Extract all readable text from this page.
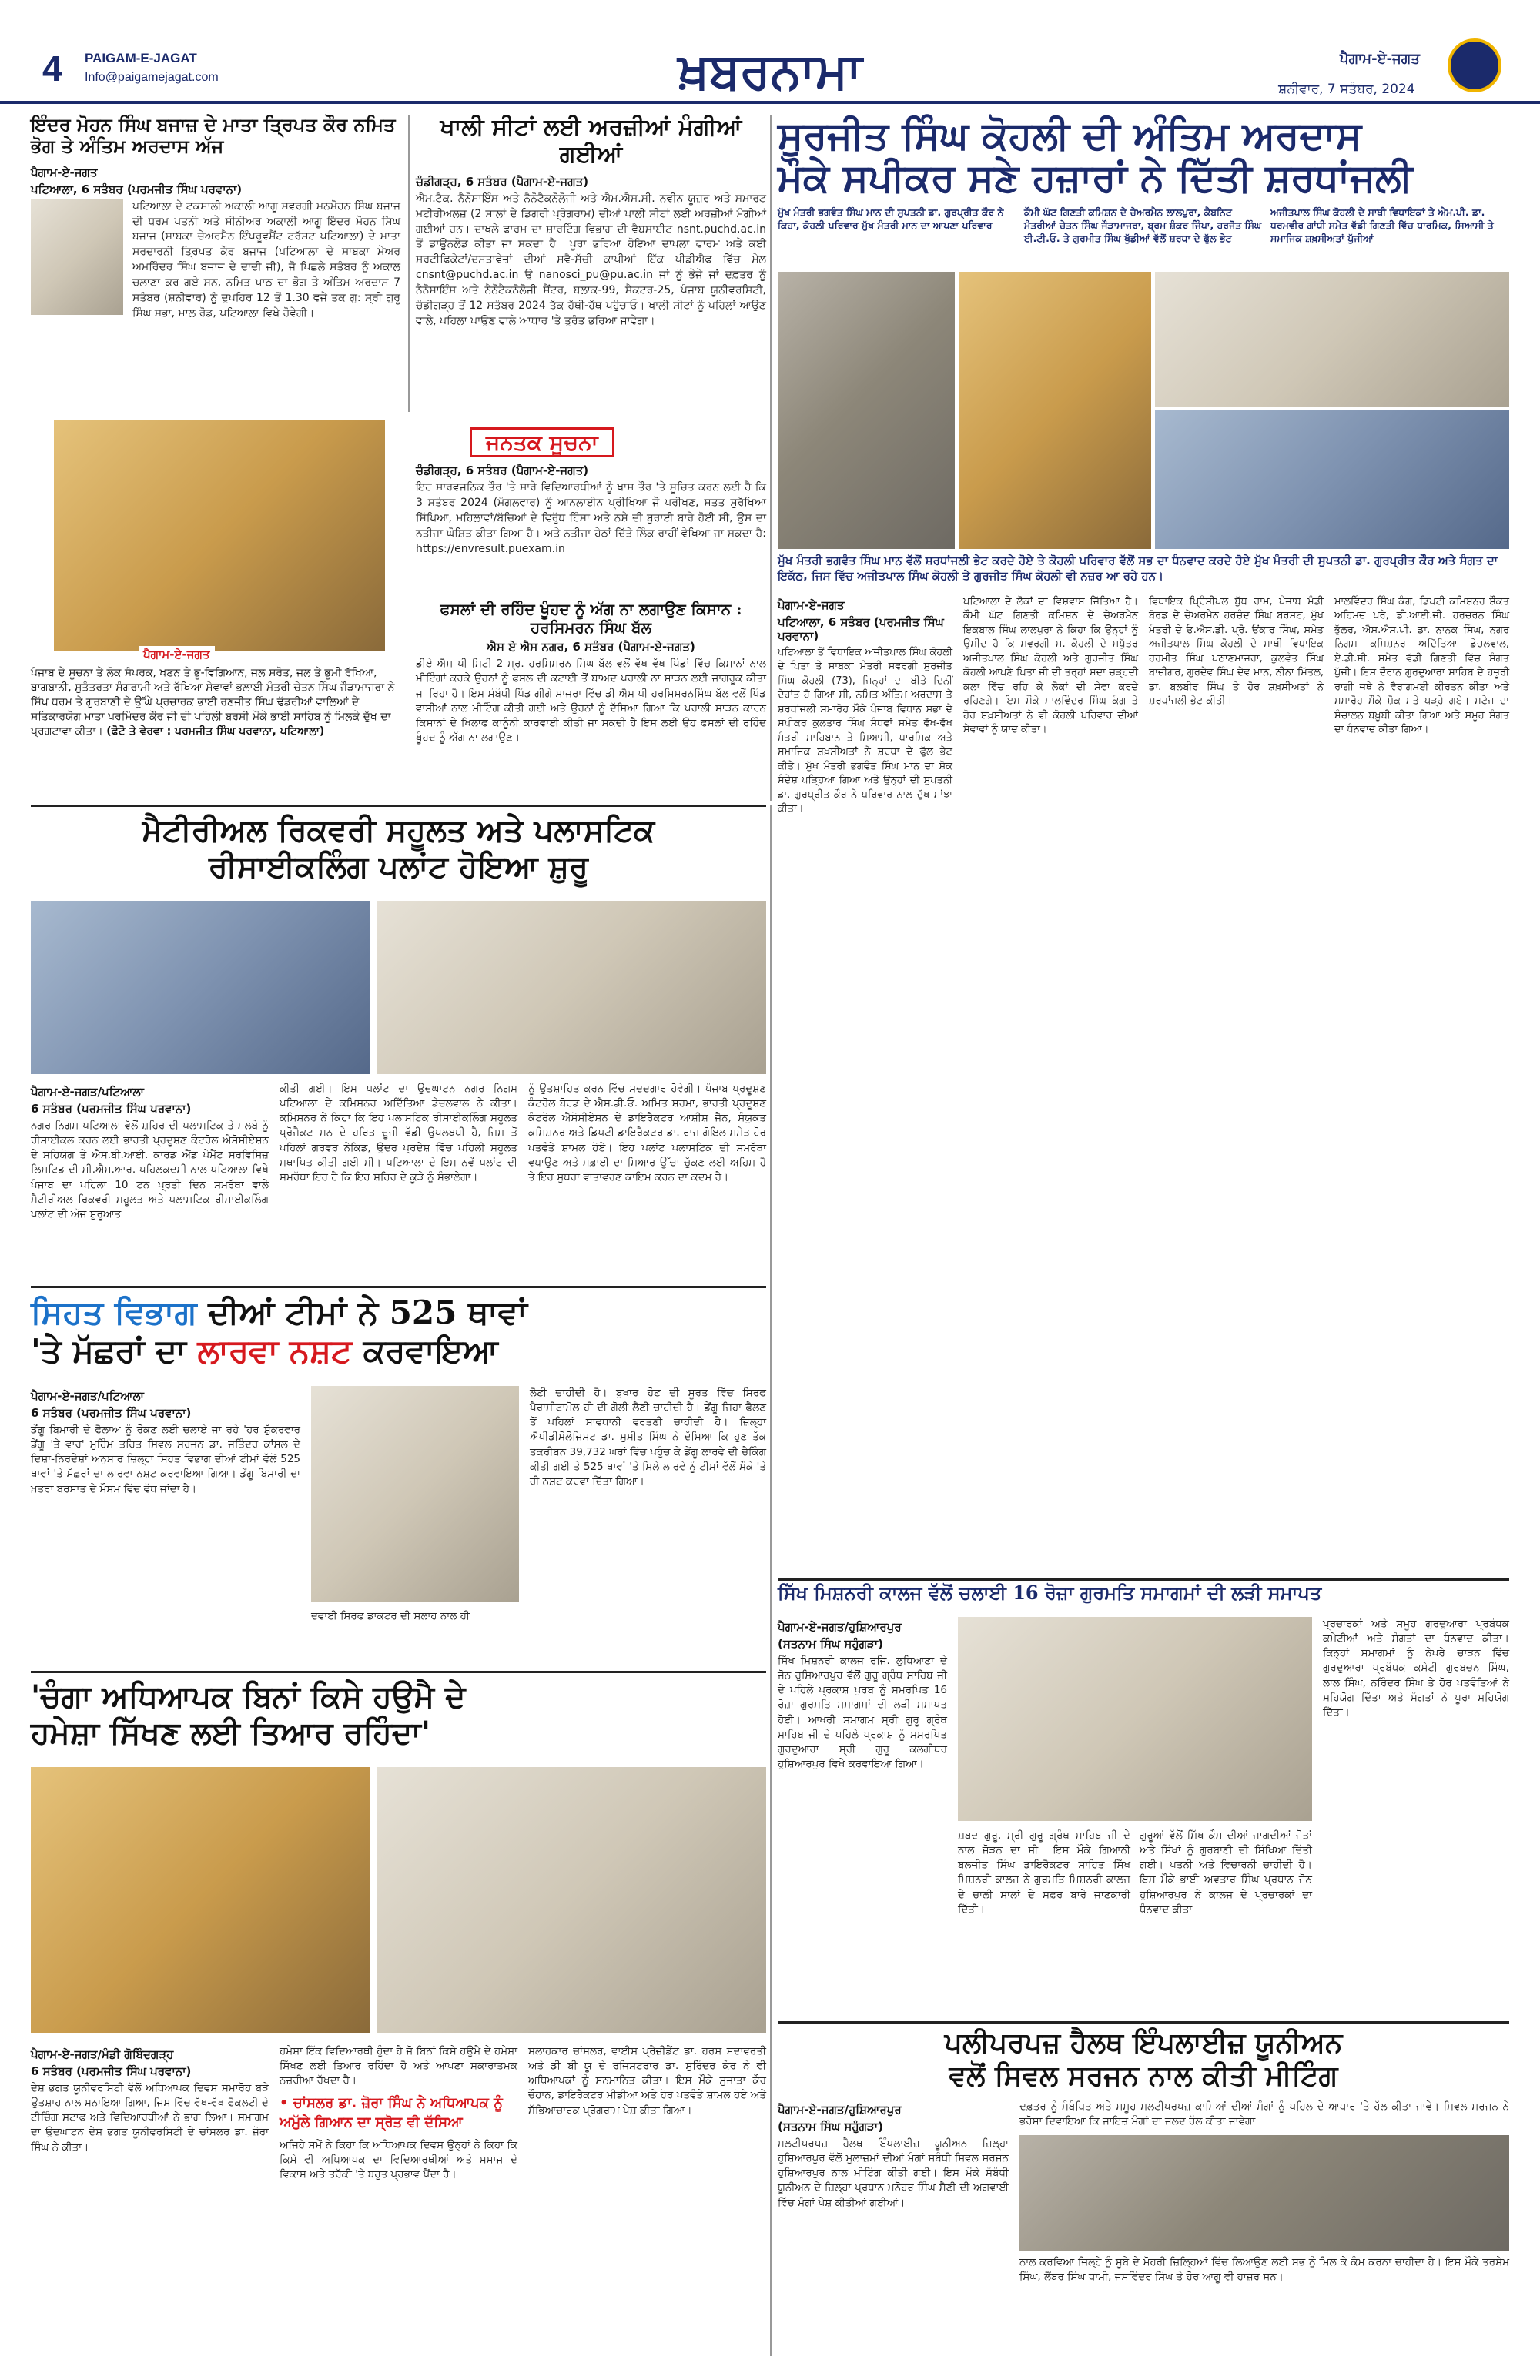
4 PAIGAM-E-JAGAT
Info@paigamejagat.com	ਖ਼ਬਰਨਾਮਾ	ਪੈਗਾਮ-ਏ-ਜਗਤ
ਸ਼ਨੀਵਾਰ, 7 ਸਤੰਬਰ, 2024
ਇੰਦਰ ਮੋਹਨ ਸਿੰਘ ਬਜਾਜ਼ ਦੇ ਮਾਤਾ ਤ੍ਰਿਪਤ ਕੌਰ ਨਮਿਤ ਭੋਗ ਤੇ ਅੰਤਿਮ ਅਰਦਾਸ ਅੱਜ
ਪੈਗਾਮ-ਏ-ਜਗਤ
ਪਟਿਆਲਾ, 6 ਸਤੰਬਰ (ਪਰਮਜੀਤ ਸਿੰਘ ਪਰਵਾਨਾ)
ਪਟਿਆਲਾ ਦੇ ਟਕਸਾਲੀ ਅਕਾਲੀ ਆਗੂ ਸਵਰਗੀ ਮਨਮੋਹਨ ਸਿੰਘ ਬਜਾਜ ਦੀ ਧਰਮ ਪਤਨੀ ਅਤੇ ਸੀਨੀਅਰ ਅਕਾਲੀ ਆਗੂ ਇੰਦਰ ਮੋਹਨ ਸਿੰਘ ਬਜਾਜ (ਸਾਬਕਾ ਚੇਅਰਮੈਨ ਇੰਪਰੂਵਮੈਂਟ ਟਰੱਸਟ ਪਟਿਆਲਾ) ਦੇ ਮਾਤਾ ਸਰਦਾਰਨੀ ਤ੍ਰਿਪਤ ਕੌਰ ਬਜਾਜ (ਪਟਿਆਲਾ ਦੇ ਸਾਬਕਾ ਮੇਅਰ ਅਮਰਿੰਦਰ ਸਿੰਘ ਬਜਾਜ ਦੇ ਦਾਦੀ ਜੀ), ਜੋ ਪਿਛਲੇ ਸਤੰਬਰ ਨੂੰ ਅਕਾਲ ਚਲਾਣਾ ਕਰ ਗਏ ਸਨ, ਨਮਿਤ ਪਾਠ ਦਾ ਭੋਗ ਤੇ ਅੰਤਿਮ ਅਰਦਾਸ 7 ਸਤੰਬਰ (ਸ਼ਨੀਵਾਰ) ਨੂੰ ਦੁਪਹਿਰ 12 ਤੋਂ 1.30 ਵਜੇ ਤਕ ਗੁ: ਸ੍ਰੀ ਗੁਰੂ ਸਿੰਘ ਸਭਾ, ਮਾਲ ਰੋਡ, ਪਟਿਆਲਾ ਵਿਖੇ ਹੋਵੇਗੀ।
ਪੈਗਾਮ-ਏ-ਜਗਤ
ਪੰਜਾਬ ਦੇ ਸੂਚਨਾ ਤੇ ਲੋਕ ਸੰਪਰਕ, ਖਣਨ ਤੇ ਭੂ-ਵਿਗਿਆਨ, ਜਲ ਸਰੋਤ, ਜਲ ਤੇ ਭੂਮੀ ਰੱਖਿਆ, ਬਾਗਬਾਨੀ, ਸੁਤੰਤਰਤਾ ਸੰਗਰਾਮੀ ਅਤੇ ਰੱਖਿਆ ਸੇਵਾਵਾਂ ਭਲਾਈ ਮੰਤਰੀ ਚੇਤਨ ਸਿੰਘ ਜੌੜਾਮਾਜਰਾ ਨੇ ਸਿੱਖ ਧਰਮ ਤੇ ਗੁਰਬਾਣੀ ਦੇ ਉੱਘੇ ਪ੍ਰਚਾਰਕ ਭਾਈ ਰਣਜੀਤ ਸਿੰਘ ਢੱਡਰੀਆਂ ਵਾਲਿਆਂ ਦੇ ਸਤਿਕਾਰਯੋਗ ਮਾਤਾ ਪਰਮਿੰਦਰ ਕੌਰ ਜੀ ਦੀ ਪਹਿਲੀ ਬਰਸੀ ਮੌਕੇ ਭਾਈ ਸਾਹਿਬ ਨੂੰ ਮਿਲਕੇ ਦੁੱਖ ਦਾ ਪ੍ਰਗਟਾਵਾ ਕੀਤਾ। (ਫੋਟੋ ਤੇ ਵੇਰਵਾ : ਪਰਮਜੀਤ ਸਿੰਘ ਪਰਵਾਨਾ, ਪਟਿਆਲਾ)
ਖਾਲੀ ਸੀਟਾਂ ਲਈ ਅਰਜ਼ੀਆਂ ਮੰਗੀਆਂ ਗਈਆਂ
ਚੰਡੀਗੜ੍ਹ, 6 ਸਤੰਬਰ (ਪੈਗਾਮ-ਏ-ਜਗਤ)
ਐਮ.ਟੈਕ. ਨੈਨੋਸਾਇੰਸ ਅਤੇ ਨੈਨੋਟੈਕਨੋਲੋਜੀ ਅਤੇ ਐਮ.ਐਸ.ਸੀ. ਨਵੀਨ ਯੂਜ਼ਰ ਅਤੇ ਸਮਾਰਟ ਮਟੀਰੀਅਲਜ਼ (2 ਸਾਲਾਂ ਦੇ ਡਿਗਰੀ ਪ੍ਰੋਗਰਾਮ) ਦੀਆਂ ਖਾਲੀ ਸੀਟਾਂ ਲਈ ਅਰਜ਼ੀਆਂ ਮੰਗੀਆਂ ਗਈਆਂ ਹਨ। ਦਾਖਲੇ ਫਾਰਮ ਦਾ ਸ਼ਾਰਟਿੰਗ ਵਿਭਾਗ ਦੀ ਵੈਬਸਾਈਟ nsnt.puchd.ac.in ਤੋਂ ਡਾਊਨਲੋਡ ਕੀਤਾ ਜਾ ਸਕਦਾ ਹੈ। ਪੂਰਾ ਭਰਿਆ ਹੋਇਆ ਦਾਖਲਾ ਫਾਰਮ ਅਤੇ ਕਈ ਸਰਟੀਫਿਕੇਟਾਂ/ਦਸਤਾਵੇਜ਼ਾਂ ਦੀਆਂ ਸਵੈ-ਸੱਚੀ ਕਾਪੀਆਂ ਇੱਕ ਪੀਡੀਐਫ ਵਿੱਚ ਮੇਲ cnsnt@puchd.ac.in ਉ nanosci_pu@pu.ac.in ਜਾਂ ਨੂੰ ਭੇਜੇ ਜਾਂ ਦਫ਼ਤਰ ਨੂੰ ਨੈਨੋਸਾਇੰਸ ਅਤੇ ਨੈਨੋਟੈਕਨੋਲੋਜੀ ਸੈਂਟਰ, ਬਲਾਕ-99, ਸੈਕਟਰ-25, ਪੰਜਾਬ ਯੂਨੀਵਰਸਿਟੀ, ਚੰਡੀਗੜ੍ਹ ਤੋਂ 12 ਸਤੰਬਰ 2024 ਤੱਕ ਹੱਥੀ-ਹੱਥ ਪਹੁੰਚਾਓ। ਖਾਲੀ ਸੀਟਾਂ ਨੂੰ ਪਹਿਲਾਂ ਆਉਣ ਵਾਲੇ, ਪਹਿਲਾ ਪਾਉਣ ਵਾਲੇ ਆਧਾਰ 'ਤੇ ਤੁਰੰਤ ਭਰਿਆ ਜਾਵੇਗਾ।
ਜਨਤਕ ਸੂਚਨਾ
ਚੰਡੀਗੜ੍ਹ, 6 ਸਤੰਬਰ (ਪੈਗਾਮ-ਏ-ਜਗਤ)
ਇਹ ਸਾਰਵਜਨਿਕ ਤੌਰ 'ਤੇ ਸਾਰੇ ਵਿਦਿਆਰਥੀਆਂ ਨੂੰ ਖਾਸ ਤੌਰ 'ਤੇ ਸੂਚਿਤ ਕਰਨ ਲਈ ਹੈ ਕਿ 3 ਸਤੰਬਰ 2024 (ਮੰਗਲਵਾਰ) ਨੂੰ ਆਨਲਾਈਨ ਪ੍ਰੀਖਿਆ ਜੋ ਪਰੀਖਣ, ਸਤਤ ਸੁਰੱਖਿਆ ਸਿੱਖਿਆ, ਮਹਿਲਾਵਾਂ/ਬੱਚਿਆਂ ਦੇ ਵਿਰੁੱਧ ਹਿੰਸਾ ਅਤੇ ਨਸ਼ੇ ਦੀ ਬੁਰਾਈ ਬਾਰੇ ਹੋਈ ਸੀ, ਉਸ ਦਾ ਨਤੀਜਾ ਘੋਸ਼ਿਤ ਕੀਤਾ ਗਿਆ ਹੈ। ਅਤੇ ਨਤੀਜਾ ਹੇਠਾਂ ਦਿੱਤੇ ਲਿੰਕ ਰਾਹੀਂ ਵੇਖਿਆ ਜਾ ਸਕਦਾ ਹੈ: https://envresult.puexam.in
ਫਸਲਾਂ ਦੀ ਰਹਿੰਦ ਖੂੰਹਦ ਨੂੰ ਅੱਗ ਨਾ ਲਗਾਉਣ ਕਿਸਾਨ : ਹਰਸਿਮਰਨ ਸਿੰਘ ਬੱਲ
ਐਸ ਏ ਐਸ ਨਗਰ, 6 ਸਤੰਬਰ (ਪੈਗਾਮ-ਏ-ਜਗਤ)
ਡੀਏ ਐਸ ਪੀ ਸਿਟੀ 2 ਸ੍ਰ. ਹਰਸਿਮਰਨ ਸਿੰਘ ਬੱਲ ਵਲੋਂ ਵੱਖ ਵੱਖ ਪਿੰਡਾਂ ਵਿੱਚ ਕਿਸਾਨਾਂ ਨਾਲ ਮੀਟਿੰਗਾਂ ਕਰਕੇ ਉਹਨਾਂ ਨੂੰ ਫਸਲ ਦੀ ਕਟਾਈ ਤੋਂ ਬਾਅਦ ਪਰਾਲੀ ਨਾ ਸਾੜਨ ਲਈ ਜਾਗਰੂਕ ਕੀਤਾ ਜਾ ਰਿਹਾ ਹੈ। ਇਸ ਸੰਬੰਧੀ ਪਿੰਡ ਗੀਗੇ ਮਾਜਰਾ ਵਿੱਚ ਡੀ ਐਸ ਪੀ ਹਰਸਿਮਰਨਸਿੰਘ ਬੱਲ ਵਲੋਂ ਪਿੰਡ ਵਾਸੀਆਂ ਨਾਲ ਮੀਟਿੰਗ ਕੀਤੀ ਗਈ ਅਤੇ ਉਹਨਾਂ ਨੂੰ ਦੱਸਿਆ ਗਿਆ ਕਿ ਪਰਾਲੀ ਸਾੜਨ ਕਾਰਨ ਕਿਸਾਨਾਂ ਦੇ ਖਿਲਾਫ ਕਾਨੂੰਨੀ ਕਾਰਵਾਈ ਕੀਤੀ ਜਾ ਸਕਦੀ ਹੈ ਇਸ ਲਈ ਉਹ ਫਸਲਾਂ ਦੀ ਰਹਿੰਦ ਖੂੰਹਦ ਨੂੰ ਅੱਗ ਨਾ ਲਗਾਉਣ।
ਸੁਰਜੀਤ ਸਿੰਘ ਕੋਹਲੀ ਦੀ ਅੰਤਿਮ ਅਰਦਾਸ
ਮੌਕੇ ਸਪੀਕਰ ਸਣੇ ਹਜ਼ਾਰਾਂ ਨੇ ਦਿੱਤੀ ਸ਼ਰਧਾਂਜਲੀ
ਮੁੱਖ ਮੰਤਰੀ ਭਗਵੰਤ ਸਿੰਘ ਮਾਨ ਦੀ ਸੁਪਤਨੀ ਡਾ. ਗੁਰਪ੍ਰੀਤ ਕੌਰ ਨੇ ਕਿਹਾ, ਕੋਹਲੀ ਪਰਿਵਾਰ ਮੁੱਖ ਮੰਤਰੀ ਮਾਨ ਦਾ ਆਪਣਾ ਪਰਿਵਾਰ
ਕੌਮੀ ਘੱਟ ਗਿਣਤੀ ਕਮਿਸ਼ਨ ਦੇ ਚੇਅਰਮੈਨ ਲਾਲਪੁਰਾ, ਕੈਬਨਿਟ ਮੰਤਰੀਆਂ ਚੇਤਨ ਸਿੰਘ ਜੌੜਾਮਾਜਰਾ, ਬ੍ਰਮ ਸ਼ੰਕਰ ਜਿੰਪਾ, ਹਰਜੋਤ ਸਿੰਘ ਈ.ਟੀ.ਓ. ਤੇ ਗੁਰਮੀਤ ਸਿੰਘ ਖੁੱਡੀਆਂ ਵੱਲੋਂ ਸ਼ਰਧਾ ਦੇ ਫੁੱਲ ਭੇਟ
ਅਜੀਤਪਾਲ ਸਿੰਘ ਕੋਹਲੀ ਦੇ ਸਾਥੀ ਵਿਧਾਇਕਾਂ ਤੇ ਐਮ.ਪੀ. ਡਾ. ਧਰਮਵੀਰ ਗਾਂਧੀ ਸਮੇਤ ਵੱਡੀ ਗਿਣਤੀ ਵਿੱਚ ਧਾਰਮਿਕ, ਸਿਆਸੀ ਤੇ ਸਮਾਜਿਕ ਸ਼ਖ਼ਸੀਅਤਾਂ ਪੁੱਜੀਆਂ
ਮੁੱਖ ਮੰਤਰੀ ਭਗਵੰਤ ਸਿੰਘ ਮਾਨ ਵੱਲੋਂ ਸ਼ਰਧਾਂਜਲੀ ਭੇਟ ਕਰਦੇ ਹੋਏ ਤੇ ਕੋਹਲੀ ਪਰਿਵਾਰ ਵੱਲੋਂ ਸਭ ਦਾ ਧੰਨਵਾਦ ਕਰਦੇ ਹੋਏ ਮੁੱਖ ਮੰਤਰੀ ਦੀ ਸੁਪਤਨੀ ਡਾ. ਗੁਰਪ੍ਰੀਤ ਕੌਰ ਅਤੇ ਸੰਗਤ ਦਾ ਇਕੱਠ, ਜਿਸ ਵਿੱਚ ਅਜੀਤਪਾਲ ਸਿੰਘ ਕੋਹਲੀ ਤੇ ਗੁਰਜੀਤ ਸਿੰਘ ਕੋਹਲੀ ਵੀ ਨਜ਼ਰ ਆ ਰਹੇ ਹਨ।
ਪੈਗਾਮ-ਏ-ਜਗਤ
ਪਟਿਆਲਾ, 6 ਸਤੰਬਰ (ਪਰਮਜੀਤ ਸਿੰਘ ਪਰਵਾਨਾ)
ਪਟਿਆਲਾ ਤੋਂ ਵਿਧਾਇਕ ਅਜੀਤਪਾਲ ਸਿੰਘ ਕੋਹਲੀ ਦੇ ਪਿਤਾ ਤੇ ਸਾਬਕਾ ਮੰਤਰੀ ਸਵਰਗੀ ਸੁਰਜੀਤ ਸਿੰਘ ਕੋਹਲੀ (73), ਜਿਨ੍ਹਾਂ ਦਾ ਬੀਤੇ ਦਿਨੀਂ ਦੇਹਾਂਤ ਹੋ ਗਿਆ ਸੀ, ਨਮਿਤ ਅੰਤਿਮ ਅਰਦਾਸ ਤੇ ਸ਼ਰਧਾਂਜਲੀ ਸਮਾਰੋਹ ਮੌਕੇ ਪੰਜਾਬ ਵਿਧਾਨ ਸਭਾ ਦੇ ਸਪੀਕਰ ਕੁਲਤਾਰ ਸਿੰਘ ਸੰਧਵਾਂ ਸਮੇਤ ਵੱਖ-ਵੱਖ ਮੰਤਰੀ ਸਾਹਿਬਾਨ ਤੇ ਸਿਆਸੀ, ਧਾਰਮਿਕ ਅਤੇ ਸਮਾਜਿਕ ਸ਼ਖ਼ਸੀਅਤਾਂ ਨੇ ਸ਼ਰਧਾ ਦੇ ਫੁੱਲ ਭੇਟ ਕੀਤੇ। ਮੁੱਖ ਮੰਤਰੀ ਭਗਵੰਤ ਸਿੰਘ ਮਾਨ ਦਾ ਸ਼ੋਕ ਸੰਦੇਸ਼ ਪੜ੍ਹਿਆ ਗਿਆ ਅਤੇ ਉਨ੍ਹਾਂ ਦੀ ਸੁਪਤਨੀ ਡਾ. ਗੁਰਪ੍ਰੀਤ ਕੌਰ ਨੇ ਪਰਿਵਾਰ ਨਾਲ ਦੁੱਖ ਸਾਂਝਾ ਕੀਤਾ।
ਪਟਿਆਲਾ ਦੇ ਲੋਕਾਂ ਦਾ ਵਿਸ਼ਵਾਸ ਜਿੱਤਿਆ ਹੈ। ਕੌਮੀ ਘੱਟ ਗਿਣਤੀ ਕਮਿਸ਼ਨ ਦੇ ਚੇਅਰਮੈਨ ਇਕਬਾਲ ਸਿੰਘ ਲਾਲਪੁਰਾ ਨੇ ਕਿਹਾ ਕਿ ਉਨ੍ਹਾਂ ਨੂੰ ਉਮੀਦ ਹੈ ਕਿ ਸਵਰਗੀ ਸ. ਕੋਹਲੀ ਦੇ ਸਪੁੱਤਰ ਅਜੀਤਪਾਲ ਸਿੰਘ ਕੋਹਲੀ ਅਤੇ ਗੁਰਜੀਤ ਸਿੰਘ ਕੋਹਲੀ ਆਪਣੇ ਪਿਤਾ ਜੀ ਦੀ ਤਰ੍ਹਾਂ ਸਦਾ ਚੜ੍ਹਦੀ ਕਲਾ ਵਿੱਚ ਰਹਿ ਕੇ ਲੋਕਾਂ ਦੀ ਸੇਵਾ ਕਰਦੇ ਰਹਿਣਗੇ। ਇਸ ਮੌਕੇ ਮਾਲਵਿੰਦਰ ਸਿੰਘ ਕੰਗ ਤੇ ਹੋਰ ਸ਼ਖ਼ਸੀਅਤਾਂ ਨੇ ਵੀ ਕੋਹਲੀ ਪਰਿਵਾਰ ਦੀਆਂ ਸੇਵਾਵਾਂ ਨੂੰ ਯਾਦ ਕੀਤਾ।
ਵਿਧਾਇਕ ਪ੍ਰਿੰਸੀਪਲ ਬੁੱਧ ਰਾਮ, ਪੰਜਾਬ ਮੰਡੀ ਬੋਰਡ ਦੇ ਚੇਅਰਮੈਨ ਹਰਚੰਦ ਸਿੰਘ ਬਰਸਟ, ਮੁੱਖ ਮੰਤਰੀ ਦੇ ਓ.ਐਸ.ਡੀ. ਪ੍ਰੋ. ਓਂਕਾਰ ਸਿੰਘ, ਸਮੇਤ ਅਜੀਤਪਾਲ ਸਿੰਘ ਕੋਹਲੀ ਦੇ ਸਾਥੀ ਵਿਧਾਇਕ ਹਰਮੀਤ ਸਿੰਘ ਪਠਾਣਮਾਜਰਾ, ਕੁਲਵੰਤ ਸਿੰਘ ਬਾਜ਼ੀਗਰ, ਗੁਰਦੇਵ ਸਿੰਘ ਦੇਵ ਮਾਨ, ਨੀਨਾ ਮਿੱਤਲ, ਡਾ. ਬਲਬੀਰ ਸਿੰਘ ਤੇ ਹੋਰ ਸ਼ਖ਼ਸੀਅਤਾਂ ਨੇ ਸ਼ਰਧਾਂਜਲੀ ਭੇਟ ਕੀਤੀ।
ਮਾਲਵਿੰਦਰ ਸਿੰਘ ਕੰਗ, ਡਿਪਟੀ ਕਮਿਸ਼ਨਰ ਸ਼ੌਕਤ ਅਹਿਮਦ ਪਰੇ, ਡੀ.ਆਈ.ਜੀ. ਹਰਚਰਨ ਸਿੰਘ ਭੁੱਲਰ, ਐਸ.ਐਸ.ਪੀ. ਡਾ. ਨਾਨਕ ਸਿੰਘ, ਨਗਰ ਨਿਗਮ ਕਮਿਸ਼ਨਰ ਅਦਿੱਤਿਆ ਡੇਚਲਵਾਲ, ਏ.ਡੀ.ਸੀ. ਸਮੇਤ ਵੱਡੀ ਗਿਣਤੀ ਵਿੱਚ ਸੰਗਤ ਪੁੱਜੀ। ਇਸ ਦੌਰਾਨ ਗੁਰਦੁਆਰਾ ਸਾਹਿਬ ਦੇ ਹਜ਼ੂਰੀ ਰਾਗੀ ਜਥੇ ਨੇ ਵੈਰਾਗਮਈ ਕੀਰਤਨ ਕੀਤਾ ਅਤੇ ਸਮਾਰੋਹ ਮੌਕੇ ਸ਼ੋਕ ਮਤੇ ਪੜ੍ਹੇ ਗਏ। ਸਟੇਜ ਦਾ ਸੰਚਾਲਨ ਬਖ਼ੂਬੀ ਕੀਤਾ ਗਿਆ ਅਤੇ ਸਮੂਹ ਸੰਗਤ ਦਾ ਧੰਨਵਾਦ ਕੀਤਾ ਗਿਆ।
ਮੈਟੀਰੀਅਲ ਰਿਕਵਰੀ ਸਹੂਲਤ ਅਤੇ ਪਲਾਸਟਿਕ
ਰੀਸਾਈਕਲਿੰਗ ਪਲਾਂਟ ਹੋਇਆ ਸ਼ੁਰੂ
ਪੈਗਾਮ-ਏ-ਜਗਤ/ਪਟਿਆਲਾ
6 ਸਤੰਬਰ (ਪਰਮਜੀਤ ਸਿੰਘ ਪਰਵਾਨਾ)
ਨਗਰ ਨਿਗਮ ਪਟਿਆਲਾ ਵੱਲੋਂ ਸ਼ਹਿਰ ਦੀ ਪਲਾਸਟਿਕ ਤੇ ਮਲਬੇ ਨੂੰ ਰੀਸਾਈਕਲ ਕਰਨ ਲਈ ਭਾਰਤੀ ਪ੍ਰਦੂਸ਼ਣ ਕੰਟਰੋਲ ਐਸੋਸੀਏਸ਼ਨ ਦੇ ਸਹਿਯੋਗ ਤੇ ਐਸ.ਬੀ.ਆਈ. ਕਾਰਡ ਐਂਡ ਪੇਮੈਂਟ ਸਰਵਿਸਿਜ਼ ਲਿਮਟਿਡ ਦੀ ਸੀ.ਐਸ.ਆਰ. ਪਹਿਲਕਦਮੀ ਨਾਲ ਪਟਿਆਲਾ ਵਿਖੇ ਪੰਜਾਬ ਦਾ ਪਹਿਲਾ 10 ਟਨ ਪ੍ਰਤੀ ਦਿਨ ਸਮਰੱਥਾ ਵਾਲੇ ਮੈਟੀਰੀਅਲ ਰਿਕਵਰੀ ਸਹੂਲਤ ਅਤੇ ਪਲਾਸਟਿਕ ਰੀਸਾਈਕਲਿੰਗ ਪਲਾਂਟ ਦੀ ਅੱਜ ਸ਼ੁਰੂਆਤ
ਕੀਤੀ ਗਈ। ਇਸ ਪਲਾਂਟ ਦਾ ਉਦਘਾਟਨ ਨਗਰ ਨਿਗਮ ਪਟਿਆਲਾ ਦੇ ਕਮਿਸ਼ਨਰ ਅਦਿੱਤਿਆ ਡੇਚਲਵਾਲ ਨੇ ਕੀਤਾ। ਕਮਿਸ਼ਨਰ ਨੇ ਕਿਹਾ ਕਿ ਇਹ ਪਲਾਸਟਿਕ ਰੀਸਾਈਕਲਿੰਗ ਸਹੂਲਤ ਪ੍ਰੋਜੈਕਟ ਮਨ ਦੇ ਹਰਿਤ ਦੂਜੀ ਵੱਡੀ ਉਪਲਬਧੀ ਹੈ, ਜਿਸ ਤੋਂ ਪਹਿਲਾਂ ਗਰਵਰ ਨੇਕਿਡ, ਉਦਰ ਪ੍ਰਦੇਸ਼ ਵਿੱਚ ਪਹਿਲੀ ਸਹੂਲਤ ਸਥਾਪਿਤ ਕੀਤੀ ਗਈ ਸੀ। ਪਟਿਆਲਾ ਦੇ ਇਸ ਨਵੇਂ ਪਲਾਂਟ ਦੀ ਸਮਰੱਥਾ ਇਹ ਹੈ ਕਿ ਇਹ ਸ਼ਹਿਰ ਦੇ ਕੂੜੇ ਨੂੰ ਸੰਭਾਲੇਗਾ।
ਨੂੰ ਉਤਸ਼ਾਹਿਤ ਕਰਨ ਵਿੱਚ ਮਦਦਗਾਰ ਹੋਵੇਗੀ। ਪੰਜਾਬ ਪ੍ਰਦੂਸ਼ਣ ਕੰਟਰੋਲ ਬੋਰਡ ਦੇ ਐਸ.ਡੀ.ਓ. ਅਮਿਤ ਸ਼ਰਮਾ, ਭਾਰਤੀ ਪ੍ਰਦੂਸ਼ਣ ਕੰਟਰੋਲ ਐਸੋਸੀਏਸ਼ਨ ਦੇ ਡਾਇਰੈਕਟਰ ਆਸ਼ੀਸ਼ ਜੈਨ, ਸੰਯੁਕਤ ਕਮਿਸ਼ਨਰ ਅਤੇ ਡਿਪਟੀ ਡਾਇਰੈਕਟਰ ਡਾ. ਰਾਜ ਗੋਇਲ ਸਮੇਤ ਹੋਰ ਪਤਵੰਤੇ ਸ਼ਾਮਲ ਹੋਏ। ਇਹ ਪਲਾਂਟ ਪਲਾਸਟਿਕ ਦੀ ਸਮਰੱਥਾ ਵਧਾਉਣ ਅਤੇ ਸਫ਼ਾਈ ਦਾ ਮਿਆਰ ਉੱਚਾ ਚੁੱਕਣ ਲਈ ਅਹਿਮ ਹੈ ਤੇ ਇਹ ਸੁਥਰਾ ਵਾਤਾਵਰਣ ਕਾਇਮ ਕਰਨ ਦਾ ਕਦਮ ਹੈ।
ਸਿਹਤ ਵਿਭਾਗ ਦੀਆਂ ਟੀਮਾਂ ਨੇ 525 ਥਾਵਾਂ
'ਤੇ ਮੱਛਰਾਂ ਦਾ ਲਾਰਵਾ ਨਸ਼ਟ ਕਰਵਾਇਆ
ਪੈਗਾਮ-ਏ-ਜਗਤ/ਪਟਿਆਲਾ
6 ਸਤੰਬਰ (ਪਰਮਜੀਤ ਸਿੰਘ ਪਰਵਾਨਾ)
ਡੇਂਗੂ ਬਿਮਾਰੀ ਦੇ ਫੈਲਾਅ ਨੂੰ ਰੋਕਣ ਲਈ ਚਲਾਏ ਜਾ ਰਹੇ 'ਹਰ ਸ਼ੁੱਕਰਵਾਰ ਡੇਂਗੂ 'ਤੇ ਵਾਰ' ਮੁਹਿੰਮ ਤਹਿਤ ਸਿਵਲ ਸਰਜਨ ਡਾ. ਜਤਿੰਦਰ ਕਾਂਸਲ ਦੇ ਦਿਸ਼ਾ-ਨਿਰਦੇਸ਼ਾਂ ਅਨੁਸਾਰ ਜ਼ਿਲ੍ਹਾ ਸਿਹਤ ਵਿਭਾਗ ਦੀਆਂ ਟੀਮਾਂ ਵੱਲੋਂ 525 ਥਾਵਾਂ 'ਤੇ ਮੱਛਰਾਂ ਦਾ ਲਾਰਵਾ ਨਸ਼ਟ ਕਰਵਾਇਆ ਗਿਆ। ਡੇਂਗੂ ਬਿਮਾਰੀ ਦਾ ਖ਼ਤਰਾ ਬਰਸਾਤ ਦੇ ਮੌਸਮ ਵਿੱਚ ਵੱਧ ਜਾਂਦਾ ਹੈ।
ਦਵਾਈ ਸਿਰਫ ਡਾਕਟਰ ਦੀ ਸਲਾਹ ਨਾਲ ਹੀ
ਲੈਣੀ ਚਾਹੀਦੀ ਹੈ। ਬੁਖਾਰ ਹੋਣ ਦੀ ਸੂਰਤ ਵਿੱਚ ਸਿਰਫ ਪੈਰਾਸੀਟਾਮੋਲ ਹੀ ਦੀ ਗੋਲੀ ਲੈਣੀ ਚਾਹੀਦੀ ਹੈ। ਡੇਂਗੂ ਜਿਹਾ ਫੈਲਣ ਤੋਂ ਪਹਿਲਾਂ ਸਾਵਧਾਨੀ ਵਰਤਣੀ ਚਾਹੀਦੀ ਹੈ। ਜ਼ਿਲ੍ਹਾ ਐਪੀਡੀਮੋਲੋਜਿਸਟ ਡਾ. ਸੁਮੀਤ ਸਿੰਘ ਨੇ ਦੱਸਿਆ ਕਿ ਹੁਣ ਤੱਕ ਤਕਰੀਬਨ 39,732 ਘਰਾਂ ਵਿੱਚ ਪਹੁੰਚ ਕੇ ਡੇਂਗੂ ਲਾਰਵੇ ਦੀ ਚੈਕਿੰਗ ਕੀਤੀ ਗਈ ਤੇ 525 ਥਾਵਾਂ 'ਤੇ ਮਿਲੇ ਲਾਰਵੇ ਨੂੰ ਟੀਮਾਂ ਵੱਲੋਂ ਮੌਕੇ 'ਤੇ ਹੀ ਨਸ਼ਟ ਕਰਵਾ ਦਿੱਤਾ ਗਿਆ।
'ਚੰਗਾ ਅਧਿਆਪਕ ਬਿਨਾਂ ਕਿਸੇ ਹਉਮੈ ਦੇ
ਹਮੇਸ਼ਾ ਸਿੱਖਣ ਲਈ ਤਿਆਰ ਰਹਿੰਦਾ'
ਪੈਗਾਮ-ਏ-ਜਗਤ/ਮੰਡੀ ਗੋਬਿੰਦਗੜ੍ਹ
6 ਸਤੰਬਰ (ਪਰਮਜੀਤ ਸਿੰਘ ਪਰਵਾਨਾ)
ਦੇਸ਼ ਭਗਤ ਯੂਨੀਵਰਸਿਟੀ ਵੱਲੋਂ ਅਧਿਆਪਕ ਦਿਵਸ ਸਮਾਰੋਹ ਬੜੇ ਉਤਸ਼ਾਹ ਨਾਲ ਮਨਾਇਆ ਗਿਆ, ਜਿਸ ਵਿੱਚ ਵੱਖ-ਵੱਖ ਫੈਕਲਟੀ ਦੇ ਟੀਚਿੰਗ ਸਟਾਫ ਅਤੇ ਵਿਦਿਆਰਥੀਆਂ ਨੇ ਭਾਗ ਲਿਆ। ਸਮਾਗਮ ਦਾ ਉਦਘਾਟਨ ਦੇਸ਼ ਭਗਤ ਯੂਨੀਵਰਸਿਟੀ ਦੇ ਚਾਂਸਲਰ ਡਾ. ਜ਼ੋਰਾ ਸਿੰਘ ਨੇ ਕੀਤਾ।
ਹਮੇਸ਼ਾ ਇੱਕ ਵਿਦਿਆਰਥੀ ਹੁੰਦਾ ਹੈ ਜੋ ਬਿਨਾਂ ਕਿਸੇ ਹਉਮੈ ਦੇ ਹਮੇਸ਼ਾ ਸਿੱਖਣ ਲਈ ਤਿਆਰ ਰਹਿੰਦਾ ਹੈ ਅਤੇ ਆਪਣਾ ਸਕਾਰਾਤਮਕ ਨਜ਼ਰੀਆ ਰੱਖਦਾ ਹੈ।
• ਚਾਂਸਲਰ ਡਾ. ਜ਼ੋਰਾ ਸਿੰਘ ਨੇ ਅਧਿਆਪਕ ਨੂੰ ਅਮੁੱਲੇ ਗਿਆਨ ਦਾ ਸ੍ਰੋਤ ਵੀ ਦੱਸਿਆ
ਅਜਿਹੇ ਸਮੇਂ ਨੇ ਕਿਹਾ ਕਿ ਅਧਿਆਪਕ ਦਿਵਸ ਉਨ੍ਹਾਂ ਨੇ ਕਿਹਾ ਕਿ ਕਿਸੇ ਵੀ ਅਧਿਆਪਕ ਦਾ ਵਿਦਿਆਰਥੀਆਂ ਅਤੇ ਸਮਾਜ ਦੇ ਵਿਕਾਸ ਅਤੇ ਤਰੱਕੀ 'ਤੇ ਬਹੁਤ ਪ੍ਰਭਾਵ ਪੈਂਦਾ ਹੈ।
ਸਲਾਹਕਾਰ ਚਾਂਸਲਰ, ਵਾਈਸ ਪ੍ਰੈਜ਼ੀਡੈਂਟ ਡਾ. ਹਰਸ਼ ਸਦਾਵਰਤੀ ਅਤੇ ਡੀ ਬੀ ਯੂ ਦੇ ਰਜਿਸਟਰਾਰ ਡਾ. ਸੁਰਿੰਦਰ ਕੌਰ ਨੇ ਵੀ ਅਧਿਆਪਕਾਂ ਨੂੰ ਸਨਮਾਨਿਤ ਕੀਤਾ। ਇਸ ਮੌਕੇ ਸੁਜਾਤਾ ਕੌਰ ਚੌਹਾਨ, ਡਾਇਰੈਕਟਰ ਮੀਡੀਆ ਅਤੇ ਹੋਰ ਪਤਵੰਤੇ ਸ਼ਾਮਲ ਹੋਏ ਅਤੇ ਸੱਭਿਆਚਾਰਕ ਪ੍ਰੋਗਰਾਮ ਪੇਸ਼ ਕੀਤਾ ਗਿਆ।
ਸਿੱਖ ਮਿਸ਼ਨਰੀ ਕਾਲਜ ਵੱਲੋਂ ਚਲਾਈ 16 ਰੋਜ਼ਾ ਗੁਰਮਤਿ ਸਮਾਗਮਾਂ ਦੀ ਲੜੀ ਸਮਾਪਤ
ਪੈਗਾਮ-ਏ-ਜਗਤ/ਹੁਸ਼ਿਆਰਪੁਰ
(ਸਤਨਾਮ ਸਿੰਘ ਸਹੁੰਗੜਾ)
ਸਿੱਖ ਮਿਸ਼ਨਰੀ ਕਾਲਜ ਰਜਿ. ਲੁਧਿਆਣਾ ਦੇ ਜੋਨ ਹੁਸ਼ਿਆਰਪੁਰ ਵੱਲੋਂ ਗੁਰੂ ਗ੍ਰੰਥ ਸਾਹਿਬ ਜੀ ਦੇ ਪਹਿਲੇ ਪ੍ਰਕਾਸ਼ ਪੁਰਬ ਨੂੰ ਸਮਰਪਿਤ 16 ਰੋਜ਼ਾ ਗੁਰਮਤਿ ਸਮਾਗਮਾਂ ਦੀ ਲੜੀ ਸਮਾਪਤ ਹੋਈ। ਆਖਰੀ ਸਮਾਗਮ ਸ੍ਰੀ ਗੁਰੂ ਗ੍ਰੰਥ ਸਾਹਿਬ ਜੀ ਦੇ ਪਹਿਲੇ ਪ੍ਰਕਾਸ਼ ਨੂੰ ਸਮਰਪਿਤ ਗੁਰਦੁਆਰਾ ਸ੍ਰੀ ਗੁਰੂ ਕਲਗੀਧਰ ਹੁਸ਼ਿਆਰਪੁਰ ਵਿਖੇ ਕਰਵਾਇਆ ਗਿਆ।
ਸ਼ਬਦ ਗੁਰੂ, ਸ੍ਰੀ ਗੁਰੂ ਗ੍ਰੰਥ ਸਾਹਿਬ ਜੀ ਦੇ ਨਾਲ ਜੋੜਨ ਦਾ ਸੀ। ਇਸ ਮੌਕੇ ਗਿਆਨੀ ਬਲਜੀਤ ਸਿੰਘ ਡਾਇਰੈਕਟਰ ਸਾਹਿਤ ਸਿੱਖ ਮਿਸ਼ਨਰੀ ਕਾਲਜ ਨੇ ਗੁਰਮਤਿ ਮਿਸ਼ਨਰੀ ਕਾਲਜ ਦੇ ਚਾਲੀ ਸਾਲਾਂ ਦੇ ਸਫ਼ਰ ਬਾਰੇ ਜਾਣਕਾਰੀ ਦਿੱਤੀ।
ਗੁਰੂਆਂ ਵੱਲੋਂ ਸਿੱਖ ਕੌਮ ਦੀਆਂ ਜਾਗਦੀਆਂ ਜੋਤਾਂ ਅਤੇ ਸਿੱਖਾਂ ਨੂੰ ਗੁਰਬਾਣੀ ਦੀ ਸਿੱਖਿਆ ਦਿੱਤੀ ਗਈ। ਪਤਨੀ ਅਤੇ ਵਿਚਾਰਨੀ ਚਾਹੀਦੀ ਹੈ। ਇਸ ਮੌਕੇ ਭਾਈ ਅਵਤਾਰ ਸਿੰਘ ਪ੍ਰਧਾਨ ਜੋਨ ਹੁਸ਼ਿਆਰਪੁਰ ਨੇ ਕਾਲਜ ਦੇ ਪ੍ਰਚਾਰਕਾਂ ਦਾ ਧੰਨਵਾਦ ਕੀਤਾ।
ਪ੍ਰਚਾਰਕਾਂ ਅਤੇ ਸਮੂਹ ਗੁਰਦੁਆਰਾ ਪ੍ਰਬੰਧਕ ਕਮੇਟੀਆਂ ਅਤੇ ਸੰਗਤਾਂ ਦਾ ਧੰਨਵਾਦ ਕੀਤਾ। ਕਿਨ੍ਹਾਂ ਸਮਾਗਮਾਂ ਨੂੰ ਨੇਪਰੇ ਚਾੜਨ ਵਿੱਚ ਗੁਰਦੁਆਰਾ ਪ੍ਰਬੰਧਕ ਕਮੇਟੀ ਗੁਰਬਚਨ ਸਿੰਘ, ਲਾਲ ਸਿੰਘ, ਨਰਿੰਦਰ ਸਿੰਘ ਤੇ ਹੋਰ ਪਤਵੰਤਿਆਂ ਨੇ ਸਹਿਯੋਗ ਦਿੱਤਾ ਅਤੇ ਸੰਗਤਾਂ ਨੇ ਪੂਰਾ ਸਹਿਯੋਗ ਦਿੱਤਾ।
ਪਲੀਪਰਪਜ਼ ਹੈਲਥ ਇੰਪਲਾਈਜ਼ ਯੂਨੀਅਨ
ਵਲੋਂ ਸਿਵਲ ਸਰਜਨ ਨਾਲ ਕੀਤੀ ਮੀਟਿੰਗ
ਪੈਗਾਮ-ਏ-ਜਗਤ/ਹੁਸ਼ਿਆਰਪੁਰ
(ਸਤਨਾਮ ਸਿੰਘ ਸਹੁੰਗੜਾ)
ਮਲਟੀਪਰਪਜ਼ ਹੈਲਥ ਇੰਪਲਾਈਜ਼ ਯੂਨੀਅਨ ਜ਼ਿਲ੍ਹਾ ਹੁਸ਼ਿਆਰਪੁਰ ਵੱਲੋਂ ਮੁਲਾਜ਼ਮਾਂ ਦੀਆਂ ਮੰਗਾਂ ਸਬੰਧੀ ਸਿਵਲ ਸਰਜਨ ਹੁਸ਼ਿਆਰਪੁਰ ਨਾਲ ਮੀਟਿੰਗ ਕੀਤੀ ਗਈ। ਇਸ ਮੌਕੇ ਸੰਬੰਧੀ ਯੂਨੀਅਨ ਦੇ ਜ਼ਿਲ੍ਹਾ ਪ੍ਰਧਾਨ ਮਨੋਹਰ ਸਿੰਘ ਸੈਣੀ ਦੀ ਅਗਵਾਈ ਵਿੱਚ ਮੰਗਾਂ ਪੇਸ਼ ਕੀਤੀਆਂ ਗਈਆਂ।
ਦਫ਼ਤਰ ਨੂੰ ਸੰਬੰਧਿਤ ਅਤੇ ਸਮੂਹ ਮਲਟੀਪਰਪਜ਼ ਕਾਮਿਆਂ ਦੀਆਂ ਮੰਗਾਂ ਨੂੰ ਪਹਿਲ ਦੇ ਆਧਾਰ 'ਤੇ ਹੱਲ ਕੀਤਾ ਜਾਵੇ। ਸਿਵਲ ਸਰਜਨ ਨੇ ਭਰੋਸਾ ਦਿਵਾਇਆ ਕਿ ਜਾਇਜ਼ ਮੰਗਾਂ ਦਾ ਜਲਦ ਹੱਲ ਕੀਤਾ ਜਾਵੇਗਾ।
ਨਾਲ ਕਰਵਿਆ ਜਿਲ੍ਹੇ ਨੂੰ ਸੂਬੇ ਦੇ ਮੋਹਰੀ ਜ਼ਿਲ੍ਹਿਆਂ ਵਿੱਚ ਲਿਆਉਣ ਲਈ ਸਭ ਨੂੰ ਮਿਲ ਕੇ ਕੰਮ ਕਰਨਾ ਚਾਹੀਦਾ ਹੈ। ਇਸ ਮੌਕੇ ਤਰਸੇਮ ਸਿੰਘ, ਲੈਂਬਰ ਸਿੰਘ ਧਾਮੀ, ਜਸਵਿੰਦਰ ਸਿੰਘ ਤੇ ਹੋਰ ਆਗੂ ਵੀ ਹਾਜ਼ਰ ਸਨ।
